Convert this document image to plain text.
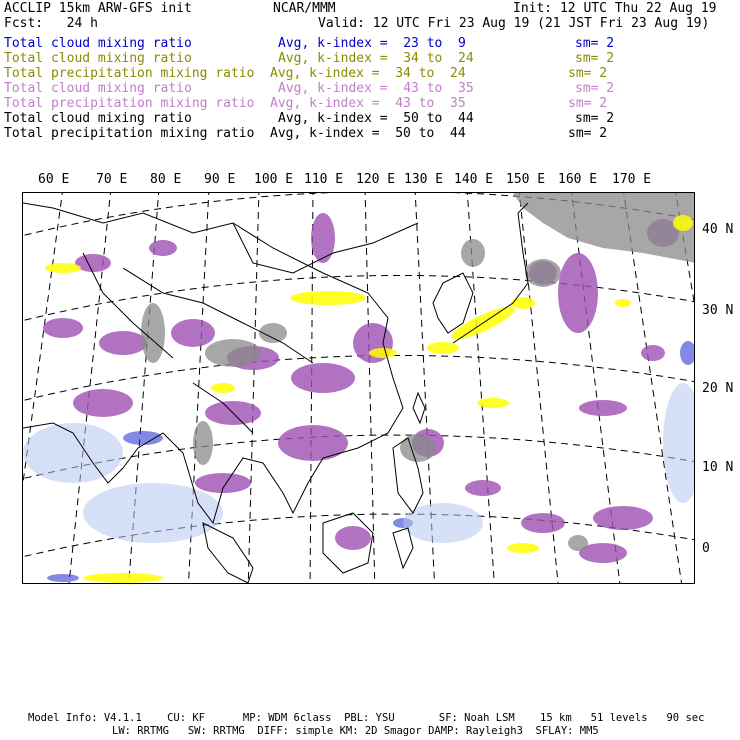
ACCLIP 15km ARW-GFS init	NCAR/MMM	Init: 12 UTC Thu 22 Aug 19
Fcst:   24 h	Valid: 12 UTC Fri 23 Aug 19 (21 JST Fri 23 Aug 19)
Total cloud mixing ratio	Avg, k-index =  23 to  9	sm= 2
Total cloud mixing ratio	Avg, k-index =  34 to  24	sm= 2
Total precipitation mixing ratio Avg, k-index =  34 to  24	sm= 2
Total cloud mixing ratio	Avg, k-index =  43 to  35	sm= 2
Total precipitation mixing ratio Avg, k-index =  43 to  35	sm= 2
Total cloud mixing ratio	Avg, k-index =  50 to  44	sm= 2
Total precipitation mixing ratio Avg, k-index =  50 to  44	sm= 2
60 E 70 E 80 E 90 E 100 E 110 E 120 E 130 E 140 E 150 E 160 E 170 E
40 N
30 N
20 N
10 N
0
Model Info: V4.1.1    CU: KF      MP: WDM 6class  PBL: YSU       SF: Noah LSM    15 km   51 levels   90 sec
LW: RRTMG   SW: RRTMG  DIFF: simple KM: 2D Smagor DAMP: Rayleigh3  SFLAY: MM5
